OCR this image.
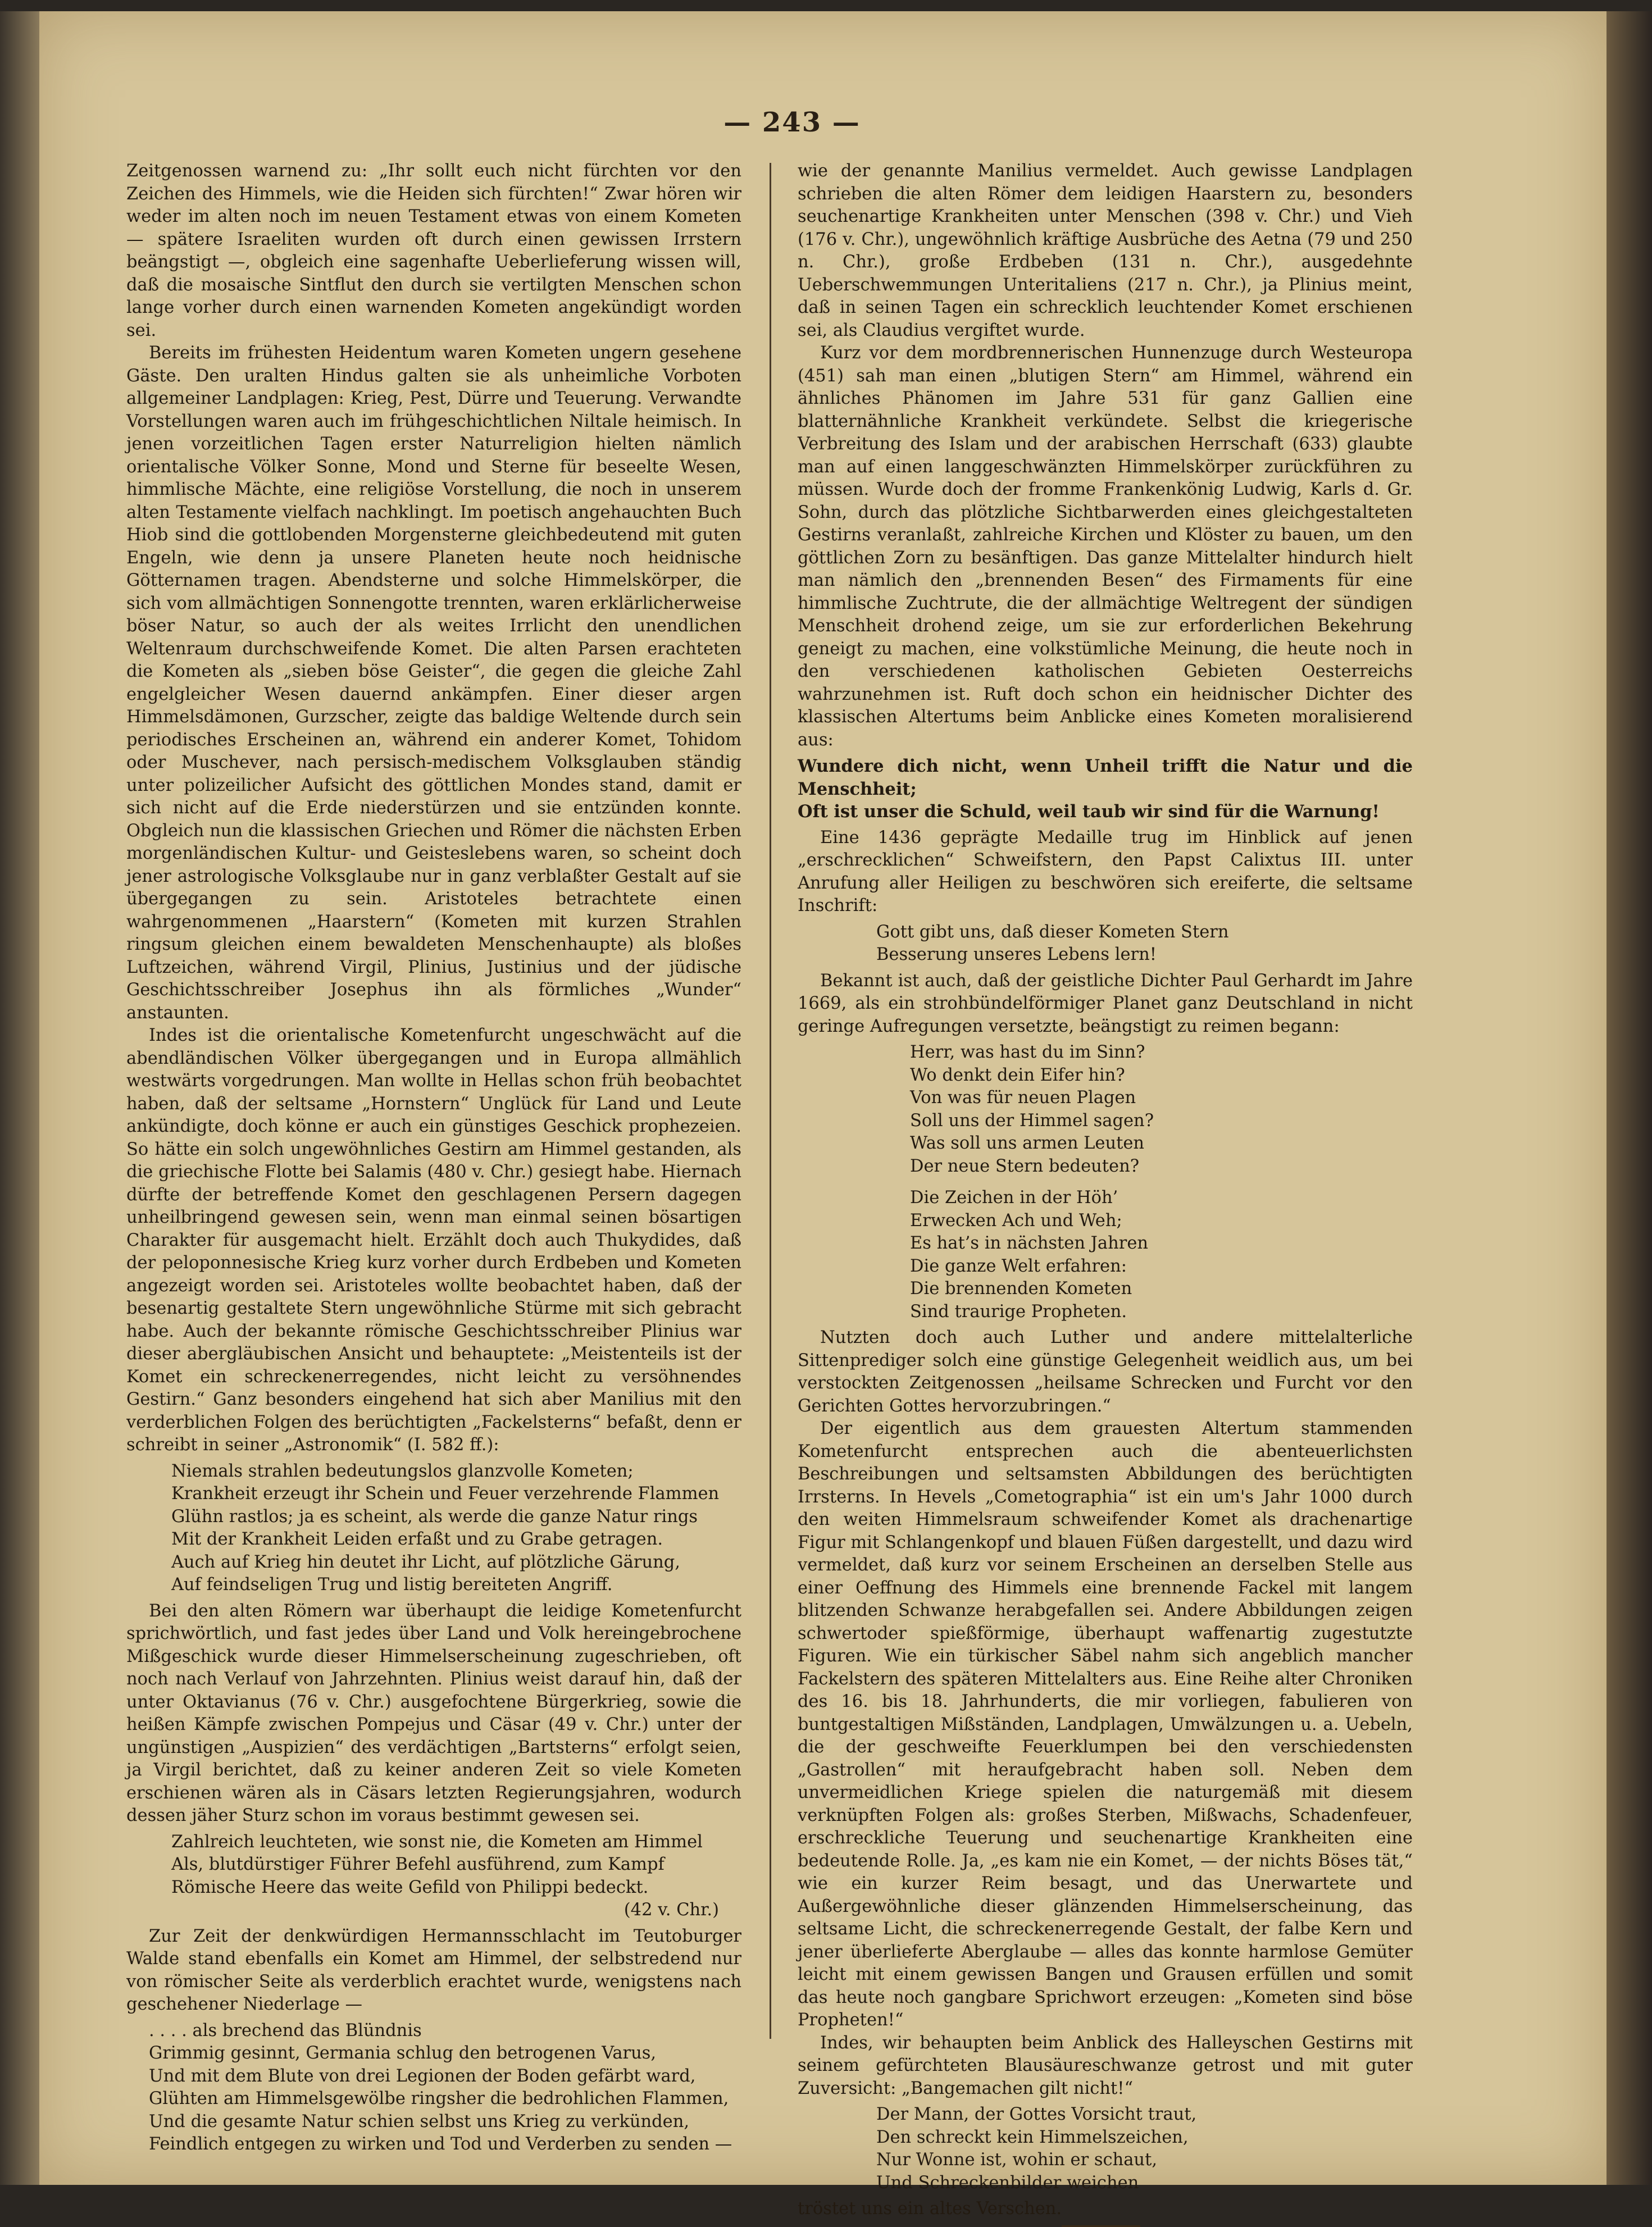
— 243 —

Zeitgenossen warnend zu: „Ihr sollt euch nicht fürchten vor den Zeichen des Himmels, wie die Heiden sich fürchten!“ Zwar hören wir weder im alten noch im neuen Testament etwas von einem Kometen — spätere Israeliten wurden oft durch einen gewissen Irrstern beängstigt —, obgleich eine sagenhafte Ueberlieferung wissen will, daß die mosaische Sintflut den durch sie vertilgten Menschen schon lange vorher durch einen warnenden Kometen angekündigt worden sei.

Bereits im frühesten Heidentum waren Kometen ungern gesehene Gäste. Den uralten Hindus galten sie als unheimliche Vorboten allgemeiner Landplagen: Krieg, Pest, Dürre und Teuerung. Verwandte Vorstellungen waren auch im frühgeschichtlichen Niltale heimisch. In jenen vorzeitlichen Tagen erster Naturreligion hielten nämlich orientalische Völker Sonne, Mond und Sterne für beseelte Wesen, himmlische Mächte, eine religiöse Vorstellung, die noch in unserem alten Testamente vielfach nachklingt. Im poetisch angehauchten Buch Hiob sind die gottlobenden Morgensterne gleichbedeutend mit guten Engeln, wie denn ja unsere Planeten heute noch heidnische Götternamen tragen. Abendsterne und solche Himmelskörper, die sich vom allmächtigen Sonnengotte trennten, waren erklärlicherweise böser Natur, so auch der als weites Irrlicht den unendlichen Weltenraum durchschweifende Komet. Die alten Parsen erachteten die Kometen als „sieben böse Geister“, die gegen die gleiche Zahl engelgleicher Wesen dauernd ankämpfen. Einer dieser argen Himmelsdämonen, Gurzscher, zeigte das baldige Weltende durch sein periodisches Erscheinen an, während ein anderer Komet, Tohidom oder Muschever, nach persisch-medischem Volksglauben ständig unter polizeilicher Aufsicht des göttlichen Mondes stand, damit er sich nicht auf die Erde niederstürzen und sie entzünden konnte. Obgleich nun die klassischen Griechen und Römer die nächsten Erben morgenländischen Kultur- und Geisteslebens waren, so scheint doch jener astrologische Volksglaube nur in ganz verblaßter Gestalt auf sie übergegangen zu sein. Aristoteles betrachtete einen wahrgenommenen „Haarstern“ (Kometen mit kurzen Strahlen ringsum gleichen einem bewaldeten Menschenhaupte) als bloßes Luftzeichen, während Virgil, Plinius, Justinius und der jüdische Geschichtsschreiber Josephus ihn als förmliches „Wunder“ anstaunten.

Indes ist die orientalische Kometenfurcht ungeschwächt auf die abendländischen Völker übergegangen und in Europa allmählich westwärts vorgedrungen. Man wollte in Hellas schon früh beobachtet haben, daß der seltsame „Hornstern“ Unglück für Land und Leute ankündigte, doch könne er auch ein günstiges Geschick prophezeien. So hätte ein solch ungewöhnliches Gestirn am Himmel gestanden, als die griechische Flotte bei Salamis (480 v. Chr.) gesiegt habe. Hiernach dürfte der betreffende Komet den geschlagenen Persern dagegen unheilbringend gewesen sein, wenn man einmal seinen bösartigen Charakter für ausgemacht hielt. Erzählt doch auch Thukydides, daß der peloponnesische Krieg kurz vorher durch Erdbeben und Kometen angezeigt worden sei. Aristoteles wollte beobachtet haben, daß der besenartig gestaltete Stern ungewöhnliche Stürme mit sich gebracht habe. Auch der bekannte römische Geschichtsschreiber Plinius war dieser abergläubischen Ansicht und behauptete: „Meistenteils ist der Komet ein schreckenerregendes, nicht leicht zu versöhnendes Gestirn.“ Ganz besonders eingehend hat sich aber Manilius mit den verderblichen Folgen des berüchtigten „Fackelsterns“ befaßt, denn er schreibt in seiner „Astronomik“ (I. 582 ff.):

Niemals strahlen bedeutungslos glanzvolle Kometen;
Krankheit erzeugt ihr Schein und Feuer verzehrende Flammen
Glühn rastlos; ja es scheint, als werde die ganze Natur rings
Mit der Krankheit Leiden erfaßt und zu Grabe getragen.
Auch auf Krieg hin deutet ihr Licht, auf plötzliche Gärung,
Auf feindseligen Trug und listig bereiteten Angriff.

Bei den alten Römern war überhaupt die leidige Kometenfurcht sprichwörtlich, und fast jedes über Land und Volk hereingebrochene Mißgeschick wurde dieser Himmelserscheinung zugeschrieben, oft noch nach Verlauf von Jahrzehnten. Plinius weist darauf hin, daß der unter Oktavianus (76 v. Chr.) ausgefochtene Bürgerkrieg, sowie die heißen Kämpfe zwischen Pompejus und Cäsar (49 v. Chr.) unter der ungünstigen „Auspizien“ des verdächtigen „Bartsterns“ erfolgt seien, ja Virgil berichtet, daß zu keiner anderen Zeit so viele Kometen erschienen wären als in Cäsars letzten Regierungsjahren, wodurch dessen jäher Sturz schon im voraus bestimmt gewesen sei.

Zahlreich leuchteten, wie sonst nie, die Kometen am Himmel
Als, blutdürstiger Führer Befehl ausführend, zum Kampf
Römische Heere das weite Gefild von Philippi bedeckt.
(42 v. Chr.)

Zur Zeit der denkwürdigen Hermannsschlacht im Teutoburger Walde stand ebenfalls ein Komet am Himmel, der selbstredend nur von römischer Seite als verderblich erachtet wurde, wenigstens nach geschehener Niederlage —

. . . . als brechend das Blündnis
Grimmig gesinnt, Germania schlug den betrogenen Varus,
Und mit dem Blute von drei Legionen der Boden gefärbt ward,
Glühten am Himmelsgewölbe ringsher die bedrohlichen Flammen,
Und die gesamte Natur schien selbst uns Krieg zu verkünden,
Feindlich entgegen zu wirken und Tod und Verderben zu senden —

wie der genannte Manilius vermeldet. Auch gewisse Landplagen schrieben die alten Römer dem leidigen Haarstern zu, besonders seuchenartige Krankheiten unter Menschen (398 v. Chr.) und Vieh (176 v. Chr.), ungewöhnlich kräftige Ausbrüche des Aetna (79 und 250 n. Chr.), große Erdbeben (131 n. Chr.), ausgedehnte Ueberschwemmungen Unteritaliens (217 n. Chr.), ja Plinius meint, daß in seinen Tagen ein schrecklich leuchtender Komet erschienen sei, als Claudius vergiftet wurde.

Kurz vor dem mordbrennerischen Hunnenzuge durch Westeuropa (451) sah man einen „blutigen Stern“ am Himmel, während ein ähnliches Phänomen im Jahre 531 für ganz Gallien eine blatternähnliche Krankheit verkündete. Selbst die kriegerische Verbreitung des Islam und der arabischen Herrschaft (633) glaubte man auf einen langgeschwänzten Himmelskörper zurückführen zu müssen. Wurde doch der fromme Frankenkönig Ludwig, Karls d. Gr. Sohn, durch das plötzliche Sichtbarwerden eines gleichgestalteten Gestirns veranlaßt, zahlreiche Kirchen und Klöster zu bauen, um den göttlichen Zorn zu besänftigen. Das ganze Mittelalter hindurch hielt man nämlich den „brennenden Besen“ des Firmaments für eine himmlische Zuchtrute, die der allmächtige Weltregent der sündigen Menschheit drohend zeige, um sie zur erforderlichen Bekehrung geneigt zu machen, eine volkstümliche Meinung, die heute noch in den verschiedenen katholischen Gebieten Oesterreichs wahrzunehmen ist. Ruft doch schon ein heidnischer Dichter des klassischen Altertums beim Anblicke eines Kometen moralisierend aus:

Wundere dich nicht, wenn Unheil trifft die Natur und die Menschheit;
Oft ist unser die Schuld, weil taub wir sind für die Warnung!

Eine 1436 geprägte Medaille trug im Hinblick auf jenen „erschrecklichen“ Schweifstern, den Papst Calixtus III. unter Anrufung aller Heiligen zu beschwören sich ereiferte, die seltsame Inschrift:

Gott gibt uns, daß dieser Kometen Stern
Besserung unseres Lebens lern!

Bekannt ist auch, daß der geistliche Dichter Paul Gerhardt im Jahre 1669, als ein strohbündelförmiger Planet ganz Deutschland in nicht geringe Aufregungen versetzte, beängstigt zu reimen begann:

Herr, was hast du im Sinn?
Wo denkt dein Eifer hin?
Von was für neuen Plagen
Soll uns der Himmel sagen?
Was soll uns armen Leuten
Der neue Stern bedeuten?
Die Zeichen in der Höh’
Erwecken Ach und Weh;
Es hat’s in nächsten Jahren
Die ganze Welt erfahren:
Die brennenden Kometen
Sind traurige Propheten.

Nutzten doch auch Luther und andere mittelalterliche Sittenprediger solch eine günstige Gelegenheit weidlich aus, um bei verstockten Zeitgenossen „heilsame Schrecken und Furcht vor den Gerichten Gottes hervorzubringen.“

Der eigentlich aus dem grauesten Altertum stammenden Kometenfurcht entsprechen auch die abenteuerlichsten Beschreibungen und seltsamsten Abbildungen des berüchtigten Irrsterns. In Hevels „Cometographia“ ist ein um's Jahr 1000 durch den weiten Himmelsraum schweifender Komet als drachenartige Figur mit Schlangenkopf und blauen Füßen dargestellt, und dazu wird vermeldet, daß kurz vor seinem Erscheinen an derselben Stelle aus einer Oeffnung des Himmels eine brennende Fackel mit langem blitzenden Schwanze herabgefallen sei. Andere Abbildungen zeigen schwertoder spießförmige, überhaupt waffenartig zugestutzte Figuren. Wie ein türkischer Säbel nahm sich angeblich mancher Fackelstern des späteren Mittelalters aus. Eine Reihe alter Chroniken des 16. bis 18. Jahrhunderts, die mir vorliegen, fabulieren von buntgestaltigen Mißständen, Landplagen, Umwälzungen u. a. Uebeln, die der geschweifte Feuerklumpen bei den verschiedensten „Gastrollen“ mit heraufgebracht haben soll. Neben dem unvermeidlichen Kriege spielen die naturgemäß mit diesem verknüpften Folgen als: großes Sterben, Mißwachs, Schadenfeuer, erschreckliche Teuerung und seuchenartige Krankheiten eine bedeutende Rolle. Ja, „es kam nie ein Komet, — der nichts Böses tät,“ wie ein kurzer Reim besagt, und das Unerwartete und Außergewöhnliche dieser glänzenden Himmelserscheinung, das seltsame Licht, die schreckenerregende Gestalt, der falbe Kern und jener überlieferte Aberglaube — alles das konnte harmlose Gemüter leicht mit einem gewissen Bangen und Grausen erfüllen und somit das heute noch gangbare Sprichwort erzeugen: „Kometen sind böse Propheten!“

Indes, wir behaupten beim Anblick des Halleyschen Gestirns mit seinem gefürchteten Blausäureschwanze getrost und mit guter Zuversicht: „Bangemachen gilt nicht!“

Der Mann, der Gottes Vorsicht traut,
Den schreckt kein Himmelszeichen,
Nur Wonne ist, wohin er schaut,
Und Schreckenbilder weichen

tröstet uns ein altes Verschen.
